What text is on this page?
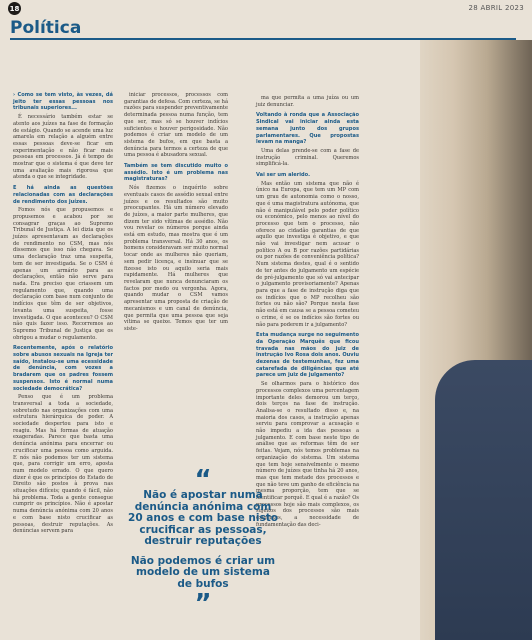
18	28 ABRIL 2023
Política

› Como se tem visto, às vezes, dá jeito ter essas pessoas nos tribunais superiores...

É necessário também estar se atento aos juízes na fase de formação de estágio. Quando se acende uma luz amarela em relação a alguém entre essas pessoas deve-se ficar em experimentação e não ficar mais pessoas em processos. Já é tempo de mostrar que o sistema é que deve ter uma avaliação mais rigorosa que atenda o que se integridade.

E há ainda as questões relacionadas com as declarações de rendimento dos juízes.

Fomos nós que propusemos e propusemos e acabou por se consagrar graças ao Supremo Tribunal de Justiça. A lei dizia que os juízes apresentavam as declarações de rendimento no CSM, mas nós dissemos que isso não chegava. Se uma declaração traz uma suspeita, tem de ser investigada. Se o CSM é apenas um armário para as declarações, então não serve para nada. Era preciso que criassem um regulamento que, quando uma declaração com base num conjunto de indícios que têm de ser objetivos, levanta uma suspeita, fosse investigada. O que aconteceu? O CSM não quis fazer isso. Recorremos ao Supremo Tribunal de Justiça que os obrigou a mudar o regulamento.

Recentemente, após o relatório sobre abusos sexuais na Igreja ter saído, instalou-se uma ecessidade de denúncia, com vozes a bradarem que os padres fossem suspensos. Isto é normal numa sociedade democrática?

Penso que é um problema transversal a toda a sociedade, sobretudo nas organizações com uma estrutura hierárquica de poder. A sociedade despertou para isto e reagiu. Mas há formas de atuação exageradas. Parece que basta uma denúncia anónima para encerrar ou crucificar uma pessoa como arguida. E nós não podemos ter um sistema que, para corrigir um erro, aposta num modelo errado. O que quero dizer é que os princípios do Estado de Direito são postos à prova nas situações difíceis; quando é fácil, não há problema. Toda a gente consegue cumprir os princípios. Não é apostar numa denúncia anónima com 20 anos e com base nisto crucificar as pessoas, destruir reputações. As denúncias servem para

iniciar processos, processos com garantias de defesa. Com certeza, se há razões para suspender preventivamente determinada pessoa numa função, tem que ser, mas só se houver indícios suficientes e houver perigosidade. Não podemos é criar um modelo de um sistema de bufos, em que basta a denúncia para termos a certeza de que uma pessoa é abusadora sexual.

Também se tem discutido muito o assédio. Isto é um problema nas magistraturas?

Nós fizemos o inquérito sobre eventuais casos de assédio sexual entre juízes e os resultados são muito preocupantes. Há um número elevado de juízes, a maior parte mulheres, que dizem ter sido vítimas de assédio. Não vou revelar os números porque ainda está em estudo, mas mostra que é um problema transversal. Há 30 anos, os homens consideravam ser muito normal tocar onde as mulheres não queriam, sem pedir licença, e insinuar que se fizesse isto ou aquilo seria mais rapidamente. Há mulheres que revelaram que nunca denunciaram os factos por medo ou vergonha. Agora, quando mudar o CSM vamos apresentar uma proposta de criação de mecanismos e um canal de denúncia, que permita que uma pessoa que seja vítima se queixe. Temos que ter um siste-

ma que permita a uma juíza ou um juiz denunciar.

Voltando à ronda que a Associação Sindical vai iniciar ainda esta semana junto dos grupos parlamentares. Que propostas levam na manga?

Uma delas prende-se com a fase de instrução criminal. Queremos simplificá-la.

Vai ser um alerido.

Mas então um sistema que não é único na Europa, que tem um MP com um grau de autonomia como o nosso, que é uma magistratura autónoma, que não é manipulável pelo poder político ou económico, pelo menos ao nível do processo que tem o processo, não oferece ao cidadão garantias de que aquilo que investiga é objetivo, e que não vai investigar nem acusar o político A ou B por razões partidárias ou por razões de conveniência política? Num sistema destes, qual é o sentido de ter antes do julgamento um espécie de pré-julgamento que só vai antecipar o julgamento provisoriamente? Apenas para que a fase de instrução diga que os indícios que o MP recolheu são fortes ou não são? Porque nesta fase não está em causa se a pessoa cometeu o crime, é se os indícios são fortes ou não para poderem ir a julgamento?

Esta mudança surge no seguimento da Operação Marquês que ficou travada nas mãos do juiz de instrução Ivo Rosa dois anos. Ouviu dezenas de testemunhas, fez uma catarefada de diligências que até parece um juiz de julgamento?

Se olharmos para o histórico dos processos complexos uma percentagem importante deles demorou um terço, dois terços na fase de instrução. Analisa-se o resultado disso e, na maioria dos casos, a instrução apenas serviu para comprovar a acusação e não impediu a ida das pessoas a julgamento. E com base neste tipo de análise que as reformas têm de ser feitas. Vejam, nós temos problemas na organização do sistema. Um sistema que tem hoje sensivelmente o mesmo número de juízes que tinha há 20 anos, mas que tem metade dos processos e que não teve um ganho de eficiência na mesma proporção, tem que se identificar porquê. E qual é a razão? Os processos hoje são mais complexos, os sujeitos dos processos são mais exigentes, a necessidade de fundamentação das deci-

“
Não é apostar numa denúncia anónima com 20 anos e com base nisto crucificar as pessoas, destruir reputações
Não podemos é criar um modelo de um sistema de bufos
”
